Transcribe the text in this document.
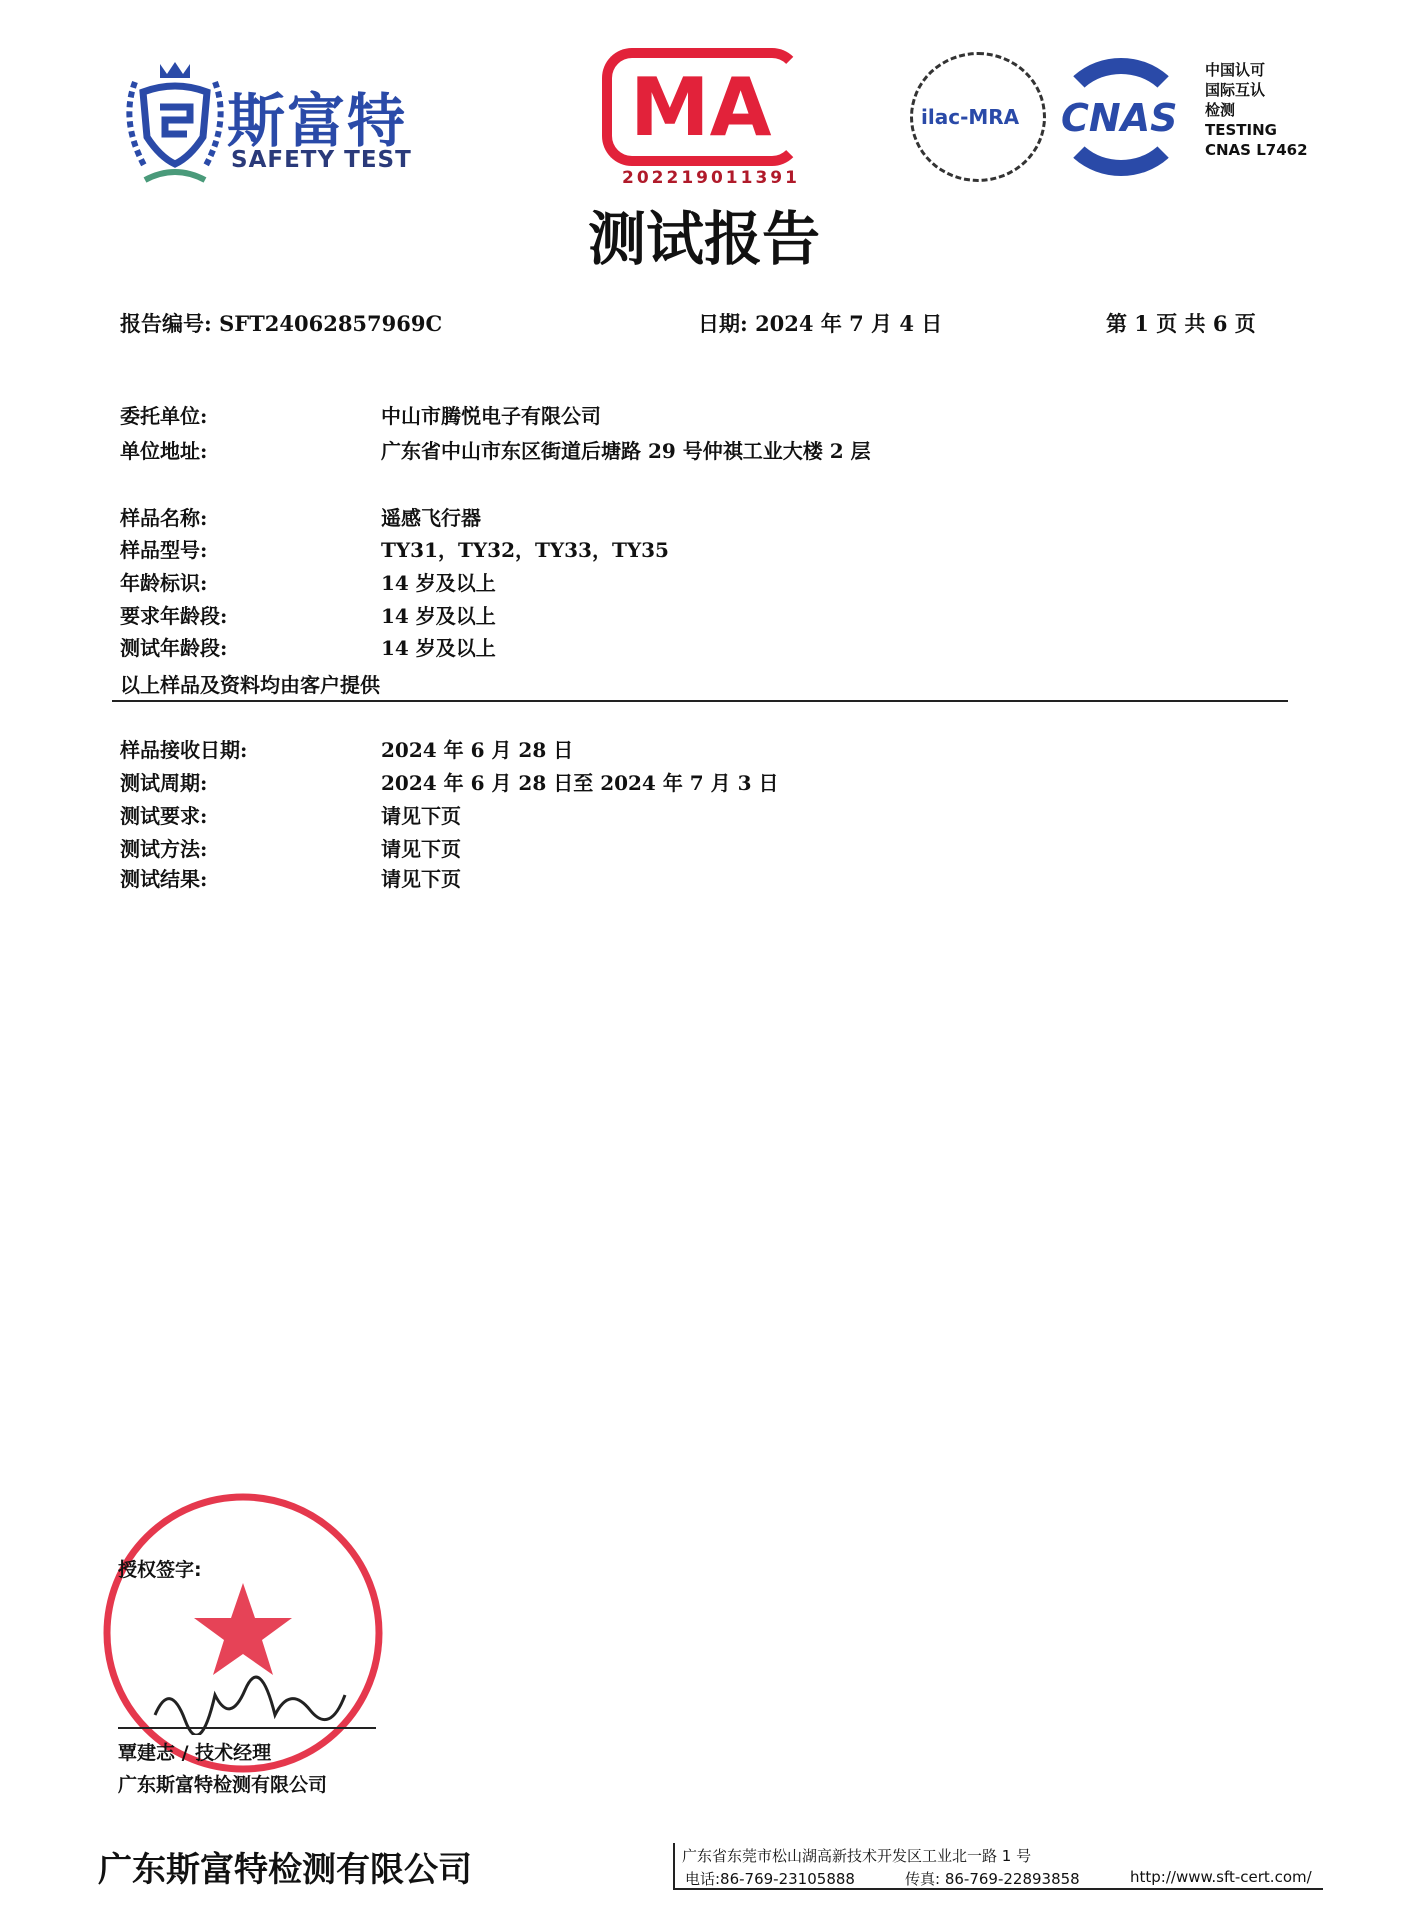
斯富特
SAFETY TEST
MA
202219011391
测试报告
ilac-MRA CNAS
中国认可
国际互认
检测
TESTING
CNAS L7462
报告编号: SFT24062857969C	日期: 2024 年 7 月 4 日	第 1 页 共 6 页
委托单位:	中山市腾悦电子有限公司
单位地址:	广东省中山市东区街道后塘路 29 号仲祺工业大楼 2 层
样品名称:	遥感飞行器
样品型号:	TY31，TY32，TY33，TY35
年龄标识:	14 岁及以上
要求年龄段:	14 岁及以上
测试年龄段:	14 岁及以上
以上样品及资料均由客户提供
样品接收日期:	2024 年 6 月 28 日
测试周期:	2024 年 6 月 28 日至 2024 年 7 月 3 日
测试要求:	请见下页
测试方法:	请见下页
测试结果:	请见下页
授权签字:
覃建志 / 技术经理
广东斯富特检测有限公司
广东斯富特检测有限公司	广东省东莞市松山湖高新技术开发区工业北一路 1 号
电话:86-769-23105888	传真: 86-769-22893858	http://www.sft-cert.com/
